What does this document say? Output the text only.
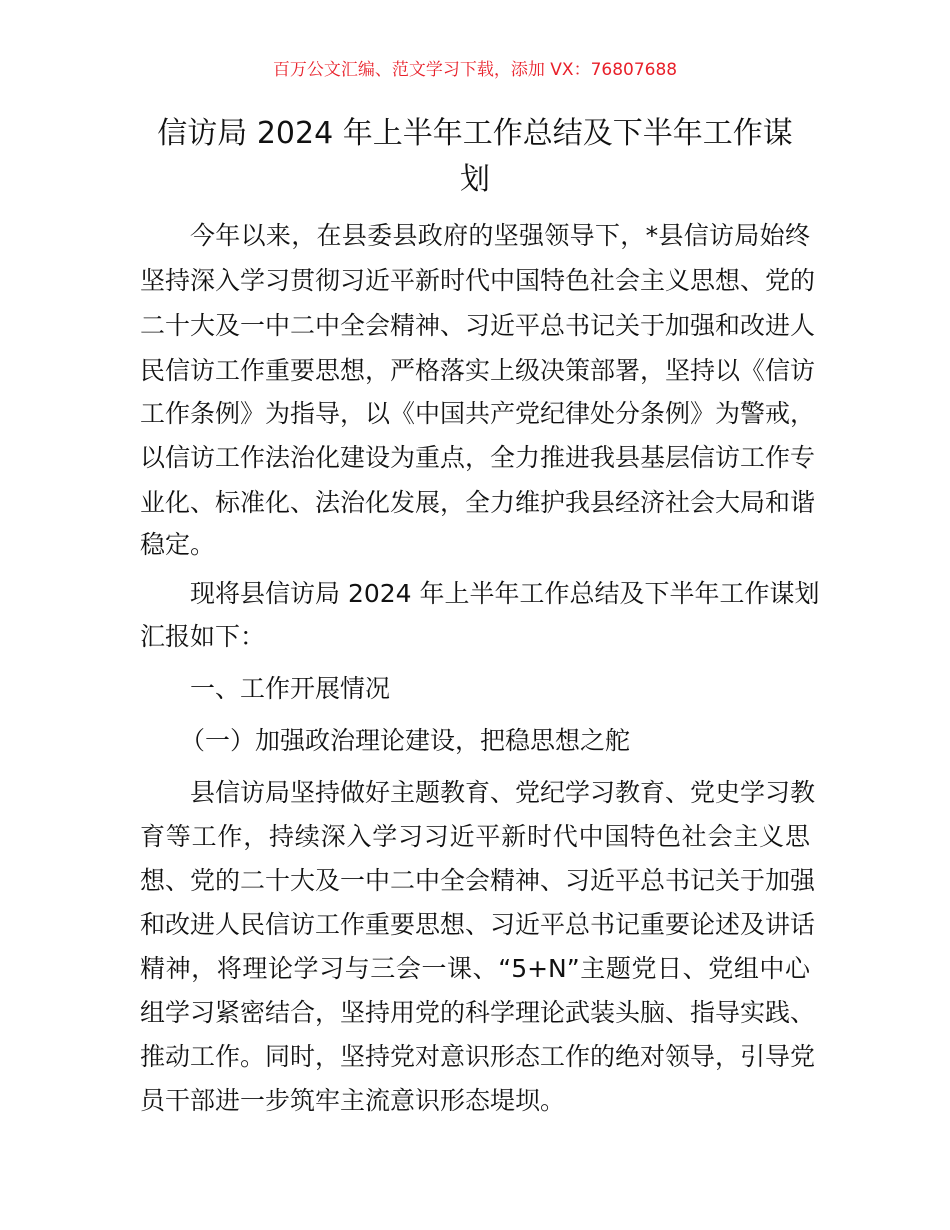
百万公文汇编、范文学习下载，添加 VX：76807688
信访局 2024 年上半年工作总结及下半年工作谋
划
今年以来，在县委县政府的坚强领导下，*县信访局始终
坚持深入学习贯彻习近平新时代中国特色社会主义思想、党的
二十大及一中二中全会精神、习近平总书记关于加强和改进人
民信访工作重要思想，严格落实上级决策部署，坚持以《信访
工作条例》为指导，以《中国共产党纪律处分条例》为警戒，
以信访工作法治化建设为重点，全力推进我县基层信访工作专
业化、标准化、法治化发展，全力维护我县经济社会大局和谐
稳定。
现将县信访局 2024 年上半年工作总结及下半年工作谋划
汇报如下：
一、工作开展情况
（一）加强政治理论建设，把稳思想之舵
县信访局坚持做好主题教育、党纪学习教育、党史学习教
育等工作，持续深入学习习近平新时代中国特色社会主义思
想、党的二十大及一中二中全会精神、习近平总书记关于加强
和改进人民信访工作重要思想、习近平总书记重要论述及讲话
精神，将理论学习与三会一课、“5+N”主题党日、党组中心
组学习紧密结合，坚持用党的科学理论武装头脑、指导实践、
推动工作。同时，坚持党对意识形态工作的绝对领导，引导党
员干部进一步筑牢主流意识形态堤坝。
